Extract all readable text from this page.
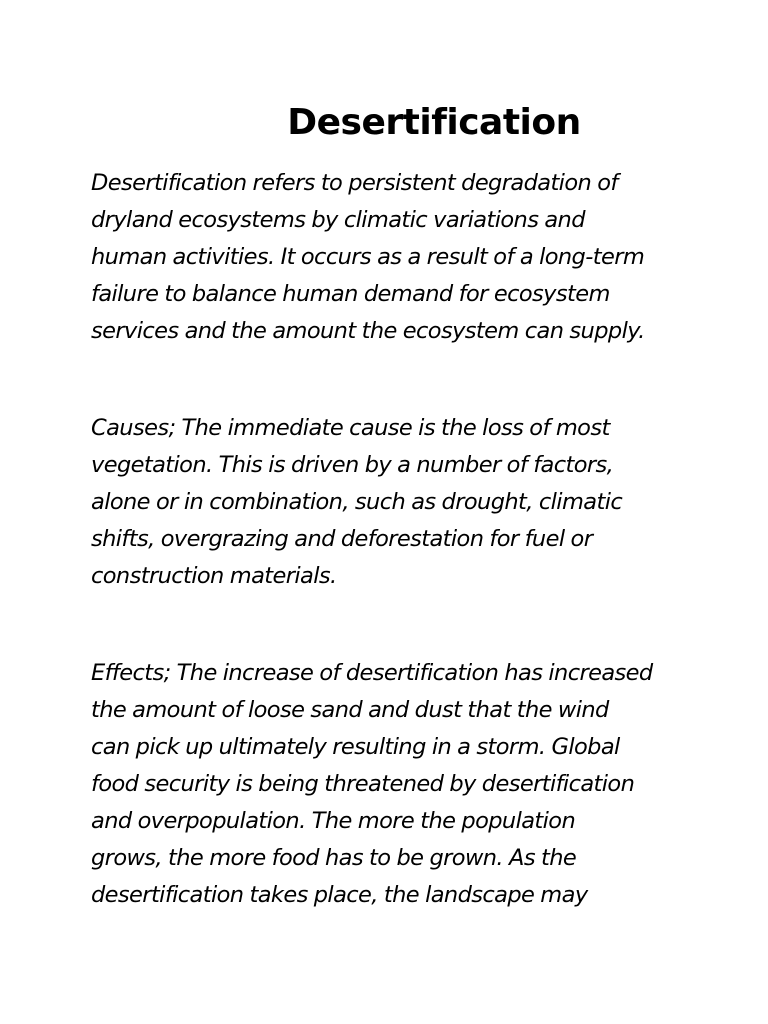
Desertification
Desertification refers to persistent degradation of
dryland ecosystems by climatic variations and
human activities. It occurs as a result of a long-term
failure to balance human demand for ecosystem
services and the amount the ecosystem can supply.
Causes; The immediate cause is the loss of most
vegetation. This is driven by a number of factors,
alone or in combination, such as drought, climatic
shifts, overgrazing and deforestation for fuel or
construction materials.
Effects; The increase of desertification has increased
the amount of loose sand and dust that the wind
can pick up ultimately resulting in a storm. Global
food security is being threatened by desertification
and overpopulation. The more the population
grows, the more food has to be grown. As the
desertification takes place, the landscape may
